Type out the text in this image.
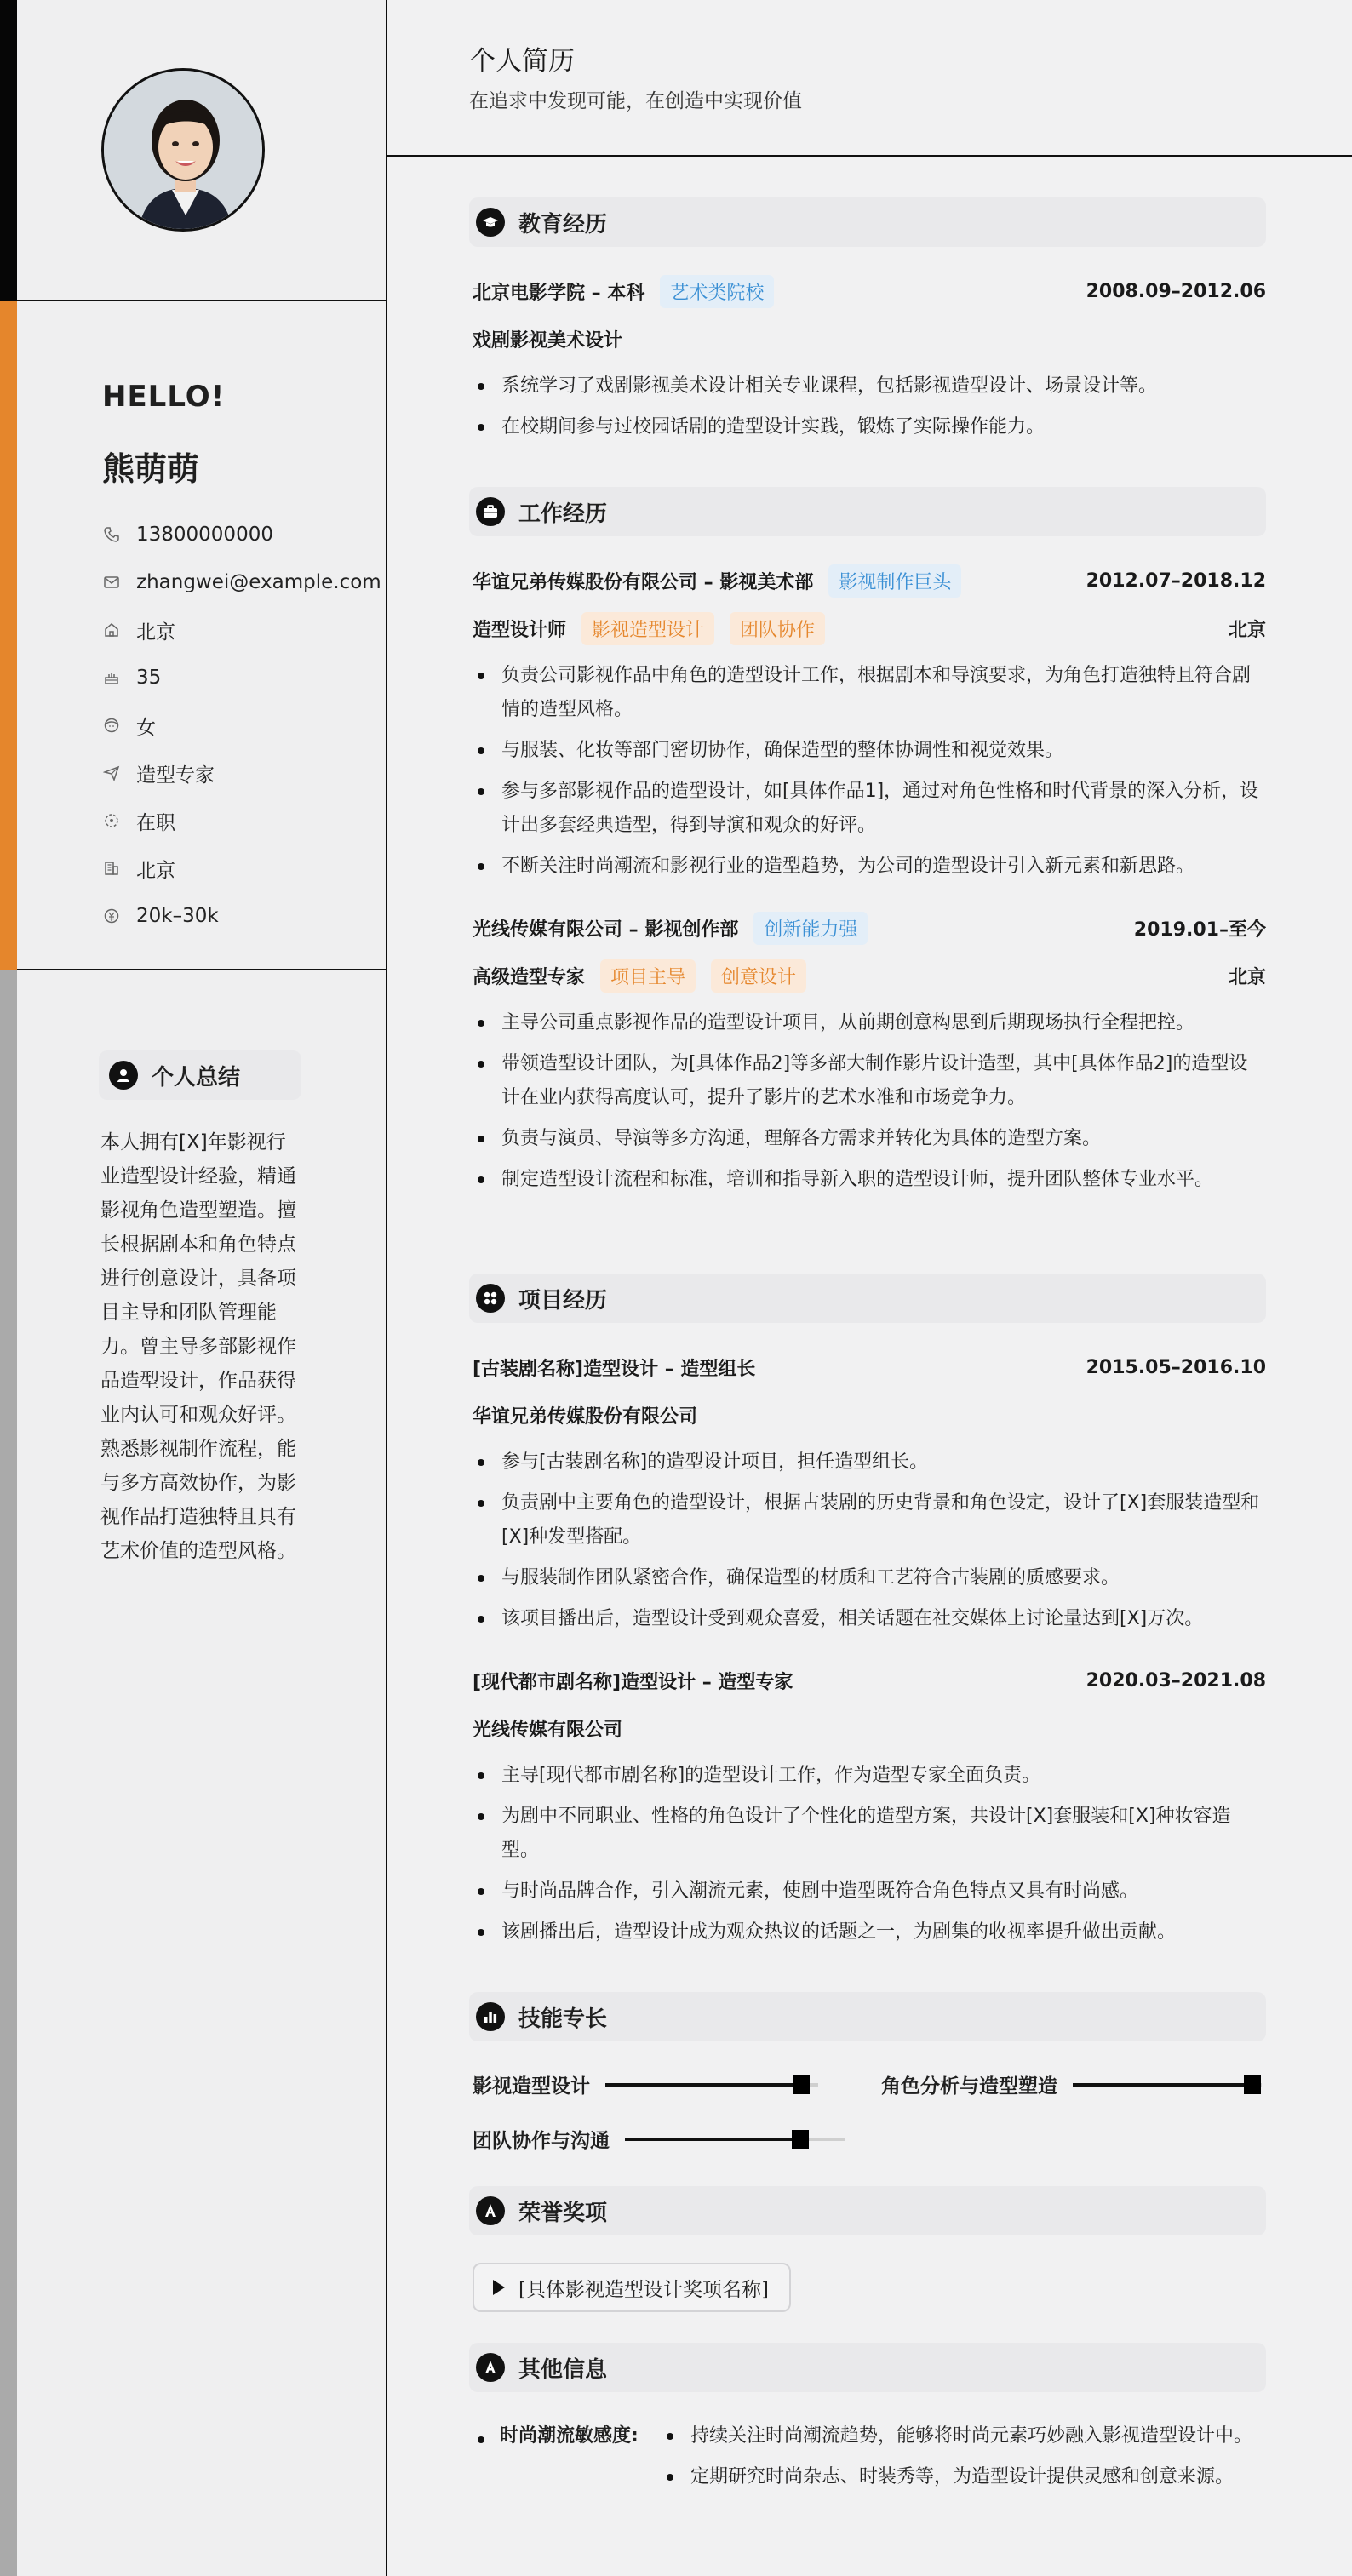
HELLO!
熊萌萌
13800000000
zhangwei@example.com
北京
35
女
造型专家
在职
北京
20k–30k
个人总结
本人拥有[X]年影视行业造型设计经验，精通影视角色造型塑造。擅长根据剧本和角色特点进行创意设计，具备项目主导和团队管理能力。曾主导多部影视作品造型设计，作品获得业内认可和观众好评。熟悉影视制作流程，能与多方高效协作，为影视作品打造独特且具有艺术价值的造型风格。
个人简历
在追求中发现可能，在创造中实现价值
教育经历
北京电影学院 – 本科	艺术类院校	2008.09–2012.06
戏剧影视美术设计
系统学习了戏剧影视美术设计相关专业课程，包括影视造型设计、场景设计等。
在校期间参与过校园话剧的造型设计实践，锻炼了实际操作能力。
工作经历
华谊兄弟传媒股份有限公司 – 影视美术部	影视制作巨头	2012.07–2018.12
造型设计师	影视造型设计	团队协作	北京
负责公司影视作品中角色的造型设计工作，根据剧本和导演要求，为角色打造独特且符合剧情的造型风格。
与服装、化妆等部门密切协作，确保造型的整体协调性和视觉效果。
参与多部影视作品的造型设计，如[具体作品1]，通过对角色性格和时代背景的深入分析，设计出多套经典造型，得到导演和观众的好评。
不断关注时尚潮流和影视行业的造型趋势，为公司的造型设计引入新元素和新思路。
光线传媒有限公司 – 影视创作部	创新能力强	2019.01–至今
高级造型专家	项目主导	创意设计	北京
主导公司重点影视作品的造型设计项目，从前期创意构思到后期现场执行全程把控。
带领造型设计团队，为[具体作品2]等多部大制作影片设计造型，其中[具体作品2]的造型设计在业内获得高度认可，提升了影片的艺术水准和市场竞争力。
负责与演员、导演等多方沟通，理解各方需求并转化为具体的造型方案。
制定造型设计流程和标准，培训和指导新入职的造型设计师，提升团队整体专业水平。
项目经历
[古装剧名称]造型设计 – 造型组长	2015.05–2016.10
华谊兄弟传媒股份有限公司
参与[古装剧名称]的造型设计项目，担任造型组长。
负责剧中主要角色的造型设计，根据古装剧的历史背景和角色设定，设计了[X]套服装造型和[X]种发型搭配。
与服装制作团队紧密合作，确保造型的材质和工艺符合古装剧的质感要求。
该项目播出后，造型设计受到观众喜爱，相关话题在社交媒体上讨论量达到[X]万次。
[现代都市剧名称]造型设计 – 造型专家	2020.03–2021.08
光线传媒有限公司
主导[现代都市剧名称]的造型设计工作，作为造型专家全面负责。
为剧中不同职业、性格的角色设计了个性化的造型方案，共设计[X]套服装和[X]种妆容造型。
与时尚品牌合作，引入潮流元素，使剧中造型既符合角色特点又具有时尚感。
该剧播出后，造型设计成为观众热议的话题之一，为剧集的收视率提升做出贡献。
技能专长
影视造型设计	角色分析与造型塑造
团队协作与沟通
荣誉奖项
[具体影视造型设计奖项名称]
其他信息
时尚潮流敏感度:	持续关注时尚潮流趋势，能够将时尚元素巧妙融入影视造型设计中。
定期研究时尚杂志、时装秀等，为造型设计提供灵感和创意来源。
